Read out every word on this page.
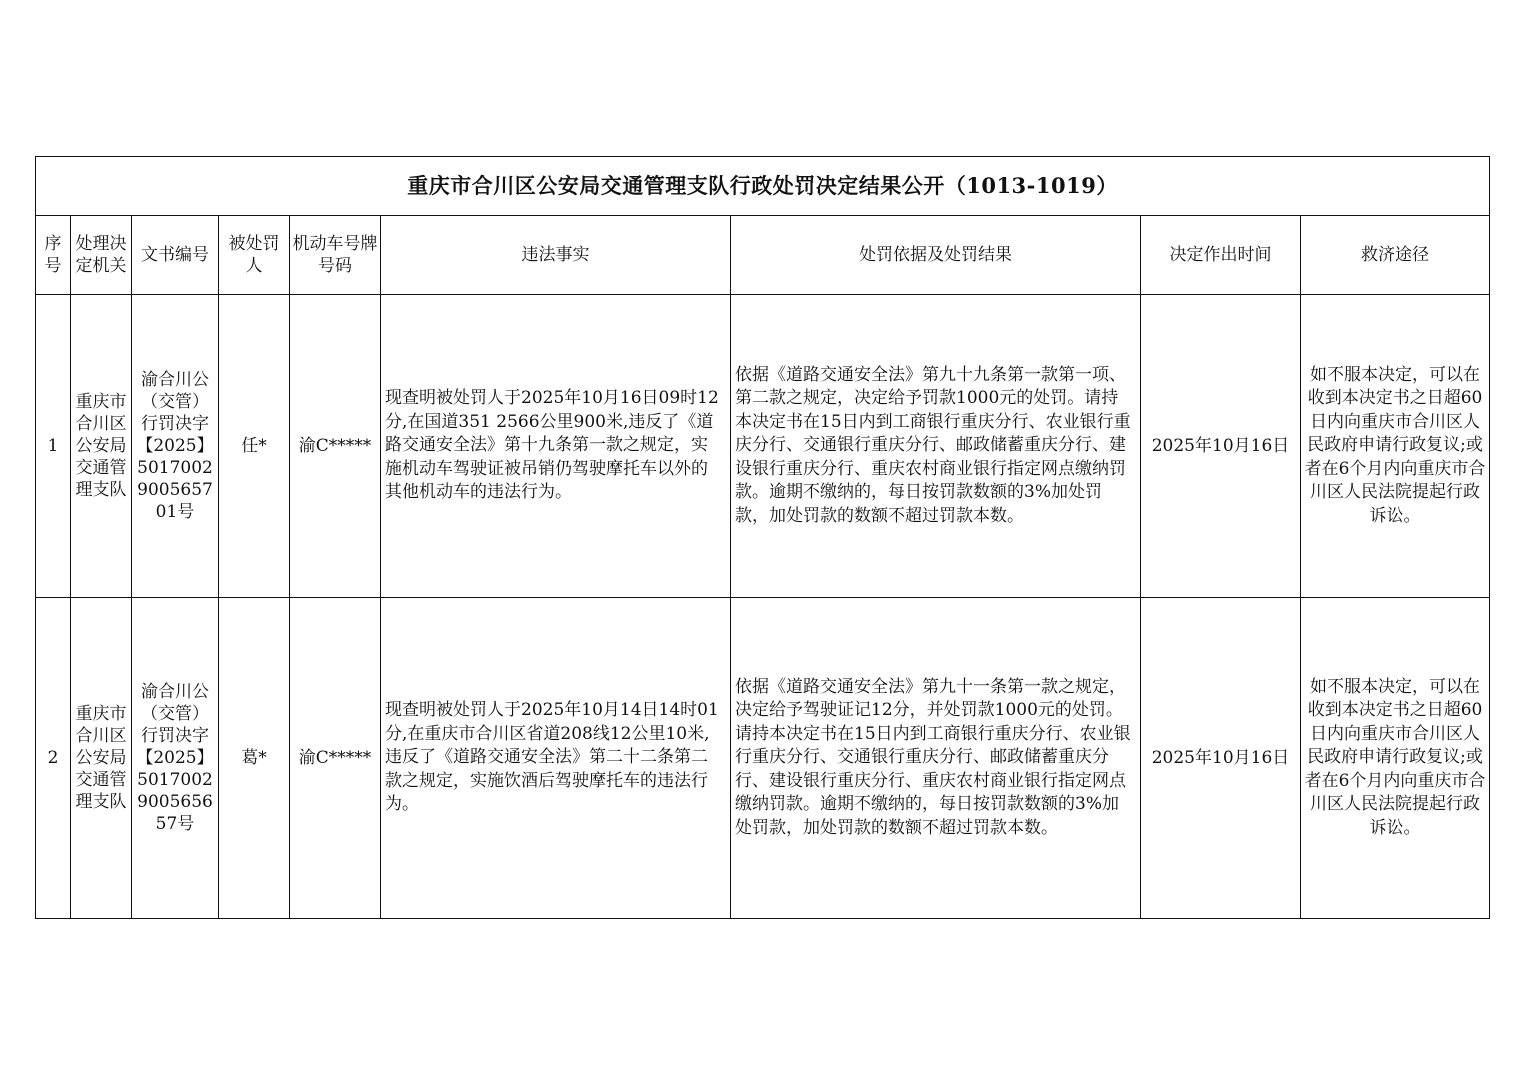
重庆市合川区公安局交通管理支队行政处罚决定结果公开（1013-1019）								
序号	处理决定机关	文书编号	被处罚人	机动车号牌号码	违法事实	处罚依据及处罚结果	决定作出时间	救济途径
1	重庆市合川区公安局交通管理支队	渝合川公（交管）行罚决字【2025】5017002900565701号	任*	渝C*****	现查明被处罚人于2025年10月16日09时12分,在国道351 2566公里900米,违反了《道路交通安全法》第十九条第一款之规定，实施机动车驾驶证被吊销仍驾驶摩托车以外的其他机动车的违法行为。	依据《道路交通安全法》第九十九条第一款第一项、第二款之规定，决定给予罚款1000元的处罚。请持本决定书在15日内到工商银行重庆分行、农业银行重庆分行、交通银行重庆分行、邮政储蓄重庆分行、建设银行重庆分行、重庆农村商业银行指定网点缴纳罚款。逾期不缴纳的，每日按罚款数额的3%加处罚款，加处罚款的数额不超过罚款本数。	2025年10月16日	如不服本决定，可以在收到本决定书之日超60日内向重庆市合川区人民政府申请行政复议;或者在6个月内向重庆市合川区人民法院提起行政诉讼。
2	重庆市合川区公安局交通管理支队	渝合川公（交管）行罚决字【2025】5017002900565657号	葛*	渝C*****	现查明被处罚人于2025年10月14日14时01分,在重庆市合川区省道208线12公里10米,违反了《道路交通安全法》第二十二条第二款之规定，实施饮酒后驾驶摩托车的违法行为。	依据《道路交通安全法》第九十一条第一款之规定，决定给予驾驶证记12分，并处罚款1000元的处罚。请持本决定书在15日内到工商银行重庆分行、农业银行重庆分行、交通银行重庆分行、邮政储蓄重庆分行、建设银行重庆分行、重庆农村商业银行指定网点缴纳罚款。逾期不缴纳的，每日按罚款数额的3%加处罚款，加处罚款的数额不超过罚款本数。	2025年10月16日	如不服本决定，可以在收到本决定书之日超60日内向重庆市合川区人民政府申请行政复议;或者在6个月内向重庆市合川区人民法院提起行政诉讼。
